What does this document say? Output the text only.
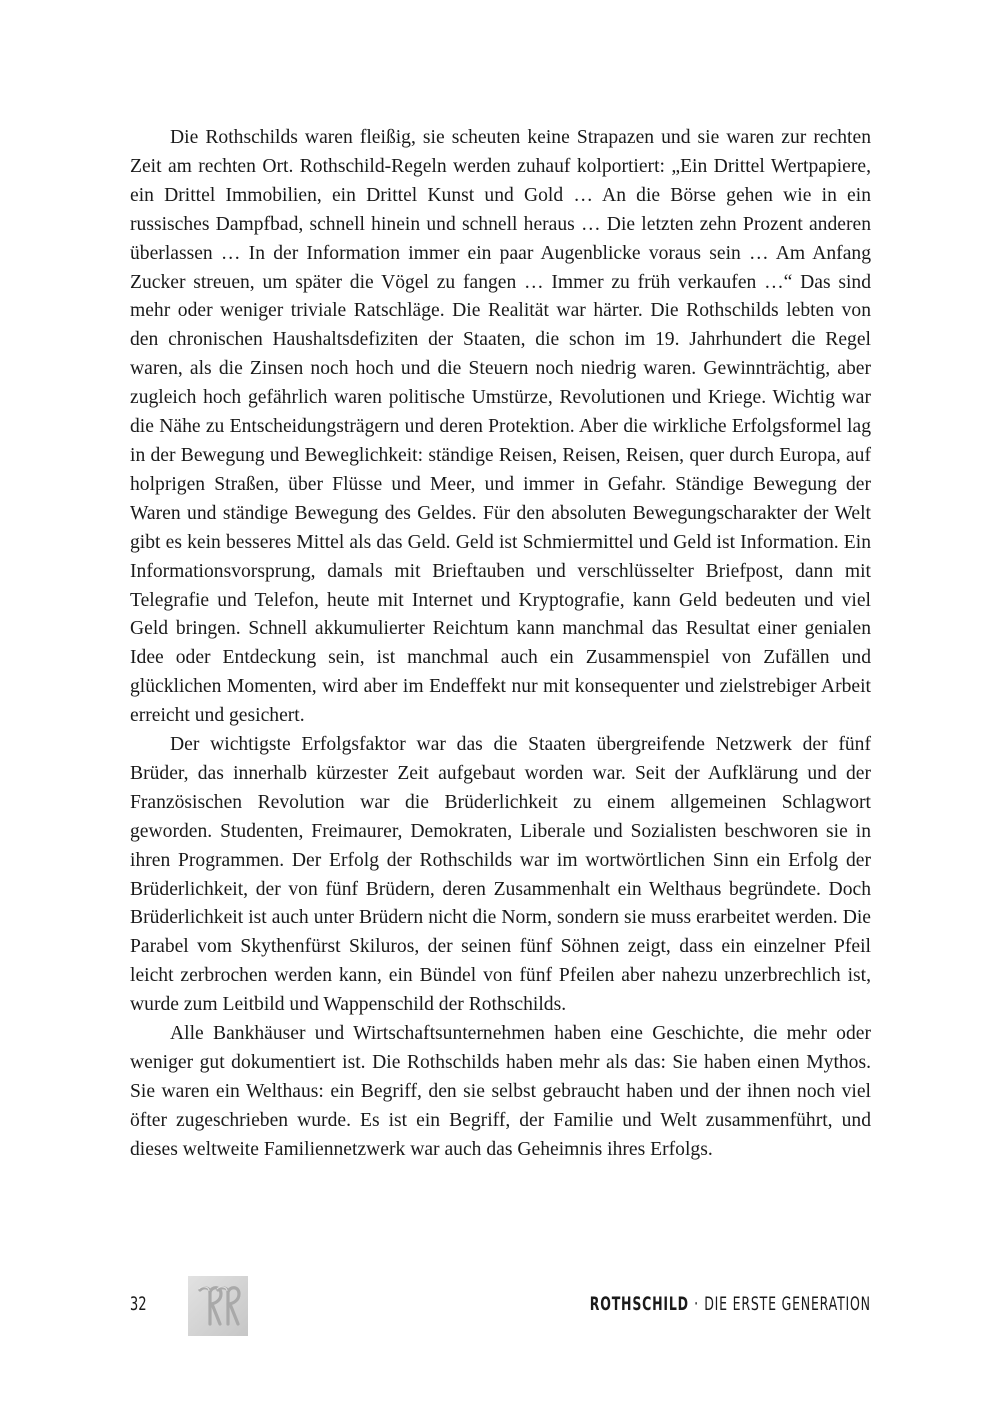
Die Rothschilds waren fleißig, sie scheuten keine Strapazen und sie waren zur rechten Zeit am rechten Ort. Rothschild-Regeln werden zuhauf kolportiert: „Ein Drittel Wertpapiere, ein Drittel Immobilien, ein Drittel Kunst und Gold … An die Börse gehen wie in ein russisches Dampfbad, schnell hinein und schnell heraus … Die letzten zehn Prozent anderen überlassen … In der Information immer ein paar Augenblicke voraus sein … Am Anfang Zucker streuen, um später die Vögel zu fangen … Immer zu früh verkaufen …“ Das sind mehr oder weniger triviale Ratschläge. Die Realität war härter. Die Rothschilds lebten von den chronischen Haushaltsdefiziten der Staaten, die schon im 19. Jahrhundert die Regel waren, als die Zinsen noch hoch und die Steuern noch niedrig waren. Gewinnträchtig, aber zugleich hoch gefährlich waren politische Umstürze, Revolutionen und Kriege. Wichtig war die Nähe zu Entscheidungsträgern und deren Protektion. Aber die wirkliche Erfolgsformel lag in der Bewegung und Beweglichkeit: ständige Reisen, Reisen, Reisen, quer durch Europa, auf holprigen Straßen, über Flüsse und Meer, und immer in Gefahr. Ständige Bewegung der Waren und ständige Bewegung des Geldes. Für den absoluten Bewegungscharakter der Welt gibt es kein besseres Mittel als das Geld. Geld ist Schmiermittel und Geld ist Information. Ein Informationsvorsprung, damals mit Brieftauben und verschlüsselter Briefpost, dann mit Telegrafie und Telefon, heute mit Internet und Kryptografie, kann Geld bedeuten und viel Geld bringen. Schnell akkumulierter Reichtum kann manchmal das Resultat einer genialen Idee oder Entdeckung sein, ist manchmal auch ein Zusammenspiel von Zufällen und glücklichen Momenten, wird aber im Endeffekt nur mit konsequenter und zielstrebiger Arbeit erreicht und gesichert.

Der wichtigste Erfolgsfaktor war das die Staaten übergreifende Netzwerk der fünf Brüder, das innerhalb kürzester Zeit aufgebaut worden war. Seit der Aufklärung und der Französischen Revolution war die Brüderlichkeit zu einem allgemeinen Schlagwort geworden. Studenten, Freimaurer, Demokraten, Liberale und Sozialisten beschworen sie in ihren Programmen. Der Erfolg der Rothschilds war im wortwörtlichen Sinn ein Erfolg der Brüderlichkeit, der von fünf Brüdern, deren Zusammenhalt ein Welthaus begründete. Doch Brüderlichkeit ist auch unter Brüdern nicht die Norm, sondern sie muss erarbeitet werden. Die Parabel vom Skythenfürst Skiluros, der seinen fünf Söhnen zeigt, dass ein einzelner Pfeil leicht zerbrochen werden kann, ein Bündel von fünf Pfeilen aber nahezu unzerbrechlich ist, wurde zum Leitbild und Wappenschild der Rothschilds.

Alle Bankhäuser und Wirtschaftsunternehmen haben eine Geschichte, die mehr oder weniger gut dokumentiert ist. Die Rothschilds haben mehr als das: Sie haben einen Mythos. Sie waren ein Welthaus: ein Begriff, den sie selbst gebraucht haben und der ihnen noch viel öfter zugeschrieben wurde. Es ist ein Begriff, der Familie und Welt zusammenführt, und dieses weltweite Familiennetzwerk war auch das Geheimnis ihres Erfolgs.

32	ROTHSCHILD · DIE ERSTE GENERATION
